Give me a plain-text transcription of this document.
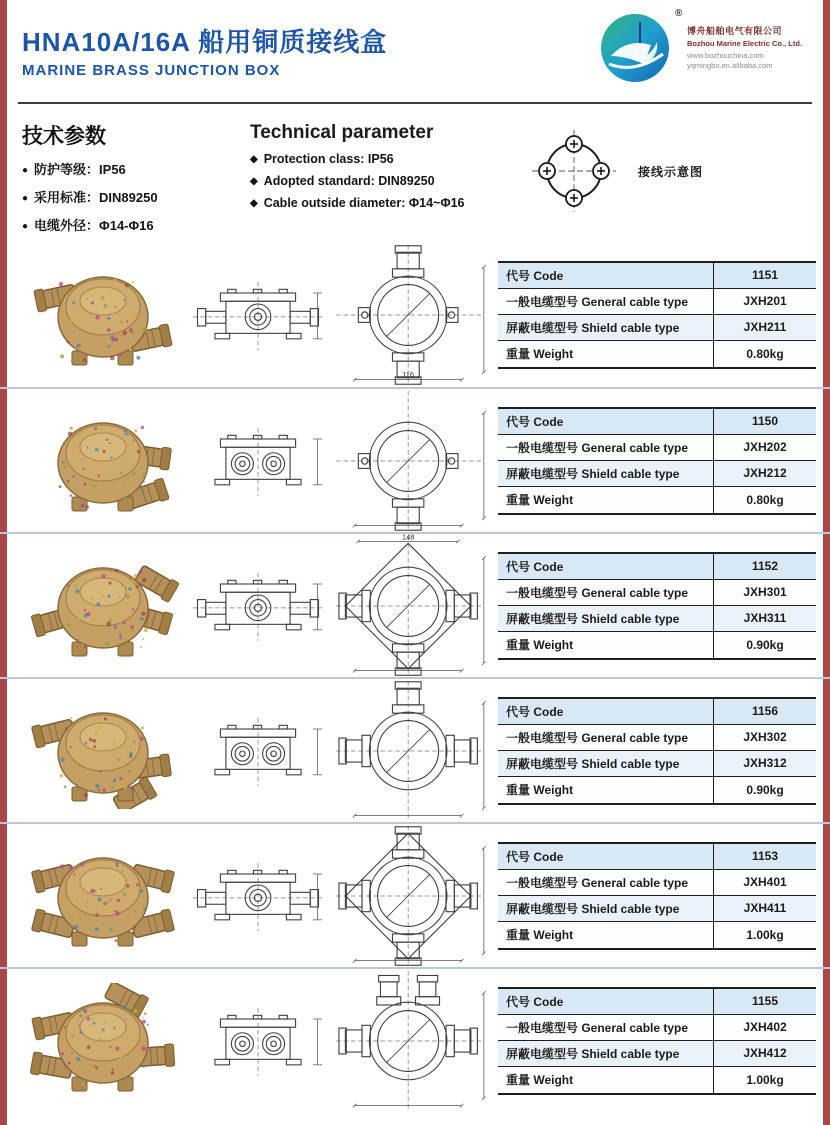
HNA10A/16A 船用铜质接线盒
MARINE BRASS JUNCTION BOX
®
博舟船舶电气有限公司
Bozhou Marine Electric Co., Ltd.
www.bozhouchina.com
yqmingbo.en.alibaba.com
技术参数
● 防护等级：IP56
● 采用标准：DIN89250
● 电缆外径：Φ14-Φ16
Technical parameter
◆ Protection class: IP56
◆ Adopted standard: DIN89250
◆ Cable outside diameter: Φ14~Φ16
接线示意图
116
代号 Code	1151
一般电缆型号 General cable type	JXH201
屏蔽电缆型号 Shield cable type	JXH211
重量 Weight	0.80kg
代号 Code	1150
一般电缆型号 General cable type	JXH202
屏蔽电缆型号 Shield cable type	JXH212
重量 Weight	0.80kg
148
代号 Code	1152
一般电缆型号 General cable type	JXH301
屏蔽电缆型号 Shield cable type	JXH311
重量 Weight	0.90kg
代号 Code	1156
一般电缆型号 General cable type	JXH302
屏蔽电缆型号 Shield cable type	JXH312
重量 Weight	0.90kg
代号 Code	1153
一般电缆型号 General cable type	JXH401
屏蔽电缆型号 Shield cable type	JXH411
重量 Weight	1.00kg
代号 Code	1155
一般电缆型号 General cable type	JXH402
屏蔽电缆型号 Shield cable type	JXH412
重量 Weight	1.00kg
